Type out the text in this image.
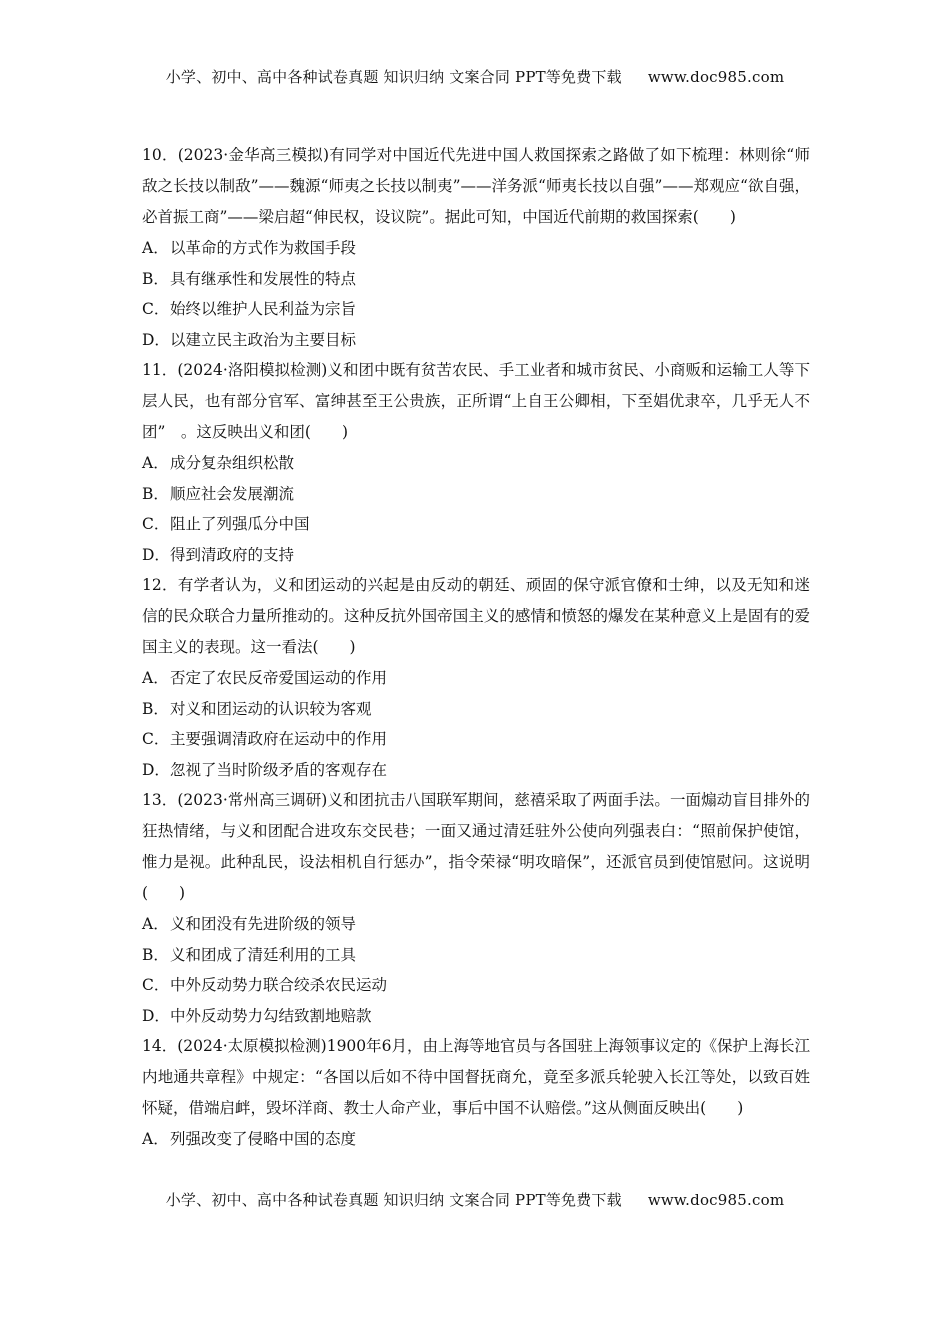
小学、初中、高中各种试卷真题 知识归纳 文案合同 PPT等免费下载 www.doc985.com
10．(2023·金华高三模拟)有同学对中国近代先进中国人救国探索之路做了如下梳理：林则徐“师敌之长技以制敌”——魏源“师夷之长技以制夷”——洋务派“师夷长技以自强”——郑观应“欲自强，必首振工商”——梁启超“伸民权，设议院”。据此可知，中国近代前期的救国探索(　　)
A．以革命的方式作为救国手段
B．具有继承性和发展性的特点
C．始终以维护人民利益为宗旨
D．以建立民主政治为主要目标
11．(2024·洛阳模拟检测)义和团中既有贫苦农民、手工业者和城市贫民、小商贩和运输工人等下层人民，也有部分官军、富绅甚至王公贵族，正所谓“上自王公卿相，下至娼优隶卒，几乎无人不团”　。这反映出义和团(　　)
A．成分复杂组织松散
B．顺应社会发展潮流
C．阻止了列强瓜分中国
D．得到清政府的支持
12．有学者认为，义和团运动的兴起是由反动的朝廷、顽固的保守派官僚和士绅，以及无知和迷信的民众联合力量所推动的。这种反抗外国帝国主义的感情和愤怒的爆发在某种意义上是固有的爱国主义的表现。这一看法(　　)
A．否定了农民反帝爱国运动的作用
B．对义和团运动的认识较为客观
C．主要强调清政府在运动中的作用
D．忽视了当时阶级矛盾的客观存在
13．(2023·常州高三调研)义和团抗击八国联军期间，慈禧采取了两面手法。一面煽动盲目排外的狂热情绪，与义和团配合进攻东交民巷；一面又通过清廷驻外公使向列强表白：“照前保护使馆，惟力是视。此种乱民，设法相机自行惩办”，指令荣禄“明攻暗保”，还派官员到使馆慰问。这说明(　　)
A．义和团没有先进阶级的领导
B．义和团成了清廷利用的工具
C．中外反动势力联合绞杀农民运动
D．中外反动势力勾结致割地赔款
14．(2024·太原模拟检测)1900年6月，由上海等地官员与各国驻上海领事议定的《保护上海长江内地通共章程》中规定：“各国以后如不待中国督抚商允，竟至多派兵轮驶入长江等处，以致百姓怀疑，借端启衅，毁坏洋商、教士人命产业，事后中国不认赔偿。”这从侧面反映出(　　)
A．列强改变了侵略中国的态度
小学、初中、高中各种试卷真题 知识归纳 文案合同 PPT等免费下载 www.doc985.com
